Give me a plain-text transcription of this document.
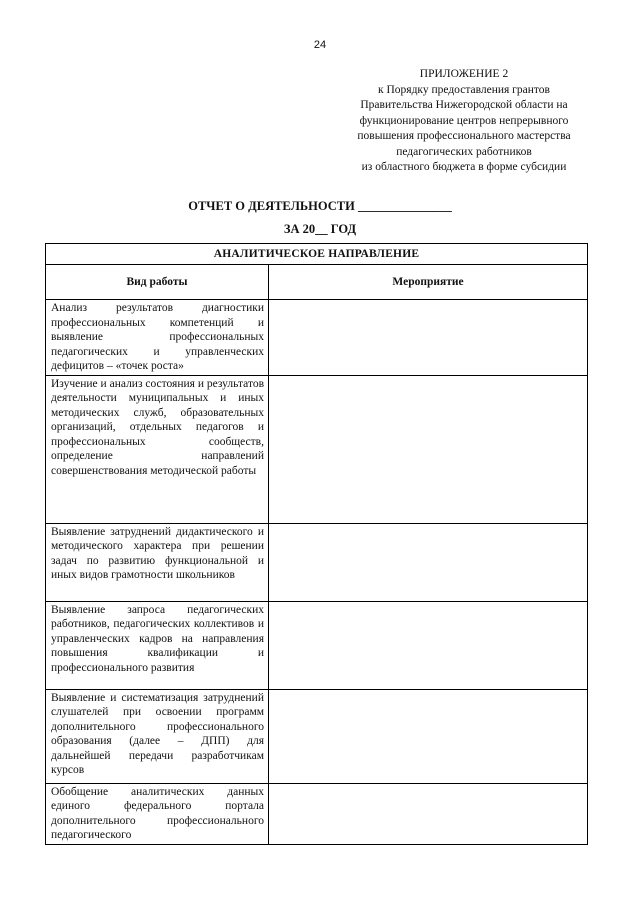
24
ПРИЛОЖЕНИЕ 2
к Порядку предоставления грантов
Правительства Нижегородской области на
функционирование центров непрерывного
повышения профессионального мастерства
педагогических работников
из областного бюджета в форме субсидии
ОТЧЕТ О ДЕЯТЕЛЬНОСТИ _______________
ЗА 20__ ГОД
АНАЛИТИЧЕСКОЕ НАПРАВЛЕНИЕ	
Вид работы	Мероприятие
Анализ результатов диагностики профессиональных компетенций и выявление профессиональных педагогических и управленческих дефицитов – «точек роста»	
Изучение и анализ состояния и результатов деятельности муниципальных и иных методических служб, образовательных организаций, отдельных педагогов и профессиональных сообществ, определение направлений совершенствования методической работы	
Выявление затруднений дидактического и методического характера при решении задач по развитию функциональной и иных видов грамотности школьников	
Выявление запроса педагогических работников, педагогических коллективов и управленческих кадров на направления повышения квалификации и профессионального развития	
Выявление и систематизация затруднений слушателей при освоении программ дополнительного профессионального образования (далее – ДПП) для дальнейшей передачи разработчикам курсов	
Обобщение аналитических данных единого федерального портала дополнительного профессионального педагогического	
